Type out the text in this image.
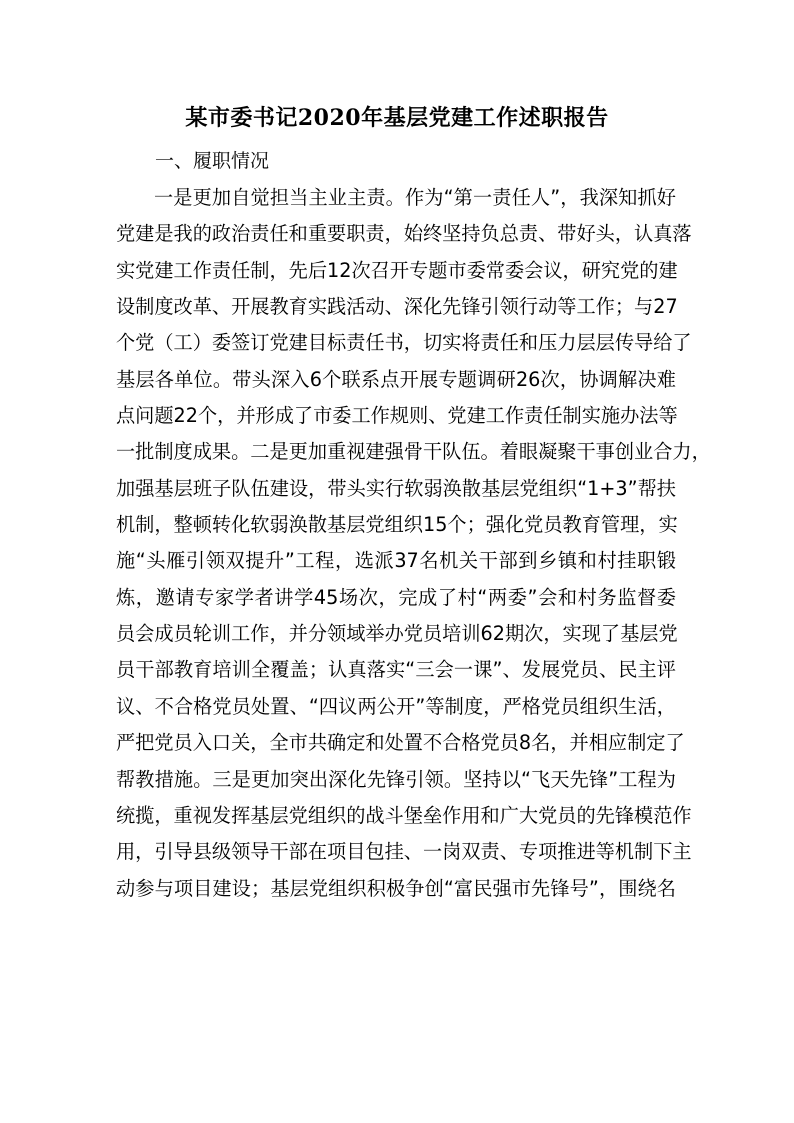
某市委书记2020年基层党建工作述职报告
一、履职情况
一是更加自觉担当主业主责。作为“第一责任人”，我深知抓好
党建是我的政治责任和重要职责，始终坚持负总责、带好头，认真落
实党建工作责任制，先后12次召开专题市委常委会议，研究党的建
设制度改革、开展教育实践活动、深化先锋引领行动等工作；与27
个党（工）委签订党建目标责任书，切实将责任和压力层层传导给了
基层各单位。带头深入6个联系点开展专题调研26次，协调解决难
点问题22个，并形成了市委工作规则、党建工作责任制实施办法等
一批制度成果。二是更加重视建强骨干队伍。着眼凝聚干事创业合力，
加强基层班子队伍建设，带头实行软弱涣散基层党组织“1+3”帮扶
机制，整顿转化软弱涣散基层党组织15个；强化党员教育管理，实
施“头雁引领双提升”工程，选派37名机关干部到乡镇和村挂职锻
炼，邀请专家学者讲学45场次，完成了村“两委”会和村务监督委
员会成员轮训工作，并分领域举办党员培训62期次，实现了基层党
员干部教育培训全覆盖；认真落实“三会一课”、发展党员、民主评
议、不合格党员处置、“四议两公开”等制度，严格党员组织生活，
严把党员入口关，全市共确定和处置不合格党员8名，并相应制定了
帮教措施。三是更加突出深化先锋引领。坚持以“飞天先锋”工程为
统揽，重视发挥基层党组织的战斗堡垒作用和广大党员的先锋模范作
用，引导县级领导干部在项目包挂、一岗双责、专项推进等机制下主
动参与项目建设；基层党组织积极争创“富民强市先锋号”，围绕名
